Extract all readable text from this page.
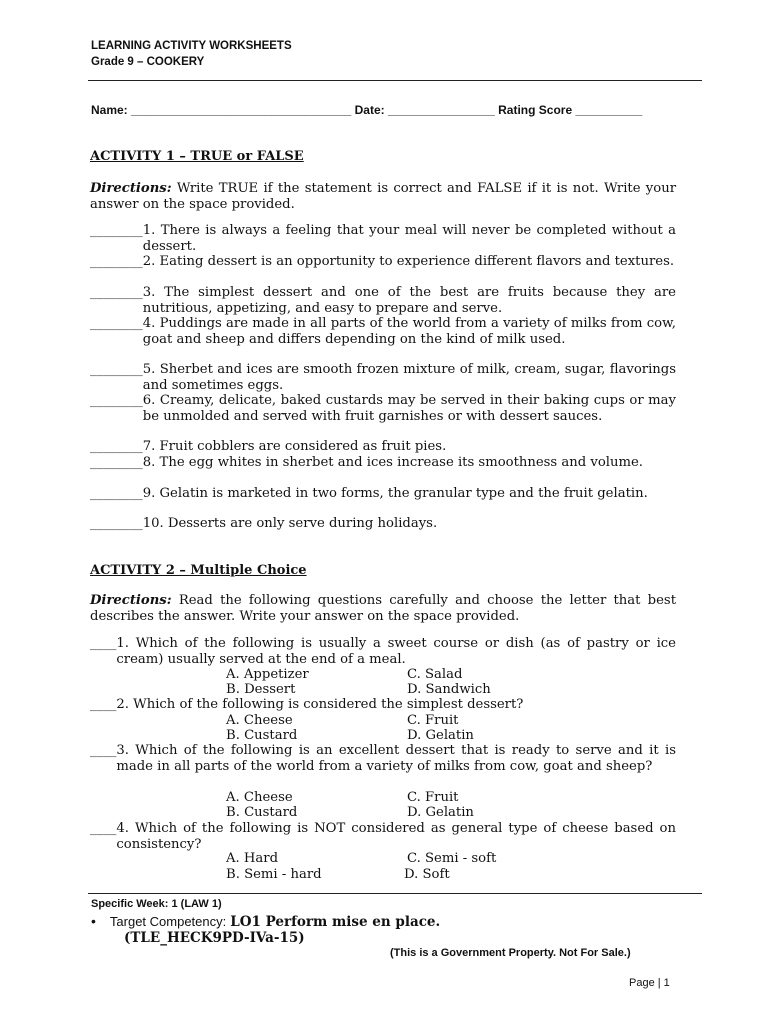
LEARNING ACTIVITY WORKSHEETS
Grade 9 – COOKERY
Name: _________________________________ Date: ________________ Rating Score __________
ACTIVITY 1 – TRUE or FALSE
Directions: Write TRUE if the statement is correct and FALSE if it is not. Write your answer on the space provided.
________ 1. There is always a feeling that your meal will never be completed without a dessert.
________ 2. Eating dessert is an opportunity to experience different flavors and textures.
________ 3. The simplest dessert and one of the best are fruits because they are nutritious, appetizing, and easy to prepare and serve.
________ 4. Puddings are made in all parts of the world from a variety of milks from cow, goat and sheep and differs depending on the kind of milk used.
________ 5. Sherbet and ices are smooth frozen mixture of milk, cream, sugar, flavorings and sometimes eggs.
________ 6. Creamy, delicate, baked custards may be served in their baking cups or may be unmolded and served with fruit garnishes or with dessert sauces.
________ 7. Fruit cobblers are considered as fruit pies.
________ 8. The egg whites in sherbet and ices increase its smoothness and volume.
________ 9. Gelatin is marketed in two forms, the granular type and the fruit gelatin.
________ 10. Desserts are only serve during holidays.
ACTIVITY 2 – Multiple Choice
Directions: Read the following questions carefully and choose the letter that best describes the answer. Write your answer on the space provided.
____ 1. Which of the following is usually a sweet course or dish (as of pastry or ice cream) usually served at the end of a meal.
A. Appetizer	C. Salad
B. Dessert	D. Sandwich
____ 2. Which of the following is considered the simplest dessert?
A. Cheese	C. Fruit
B. Custard	D. Gelatin
____ 3. Which of the following is an excellent dessert that is ready to serve and it is made in all parts of the world from a variety of milks from cow, goat and sheep?
A. Cheese	C. Fruit
B. Custard	D. Gelatin
____ 4. Which of the following is NOT considered as general type of cheese based on consistency?
A. Hard	C. Semi - soft
B. Semi - hard	D. Soft
Specific Week: 1 (LAW 1)
• Target Competency: LO1 Perform mise en place.
(TLE_HECK9PD-IVa-15)
(This is a Government Property. Not For Sale.)
Page | 1
